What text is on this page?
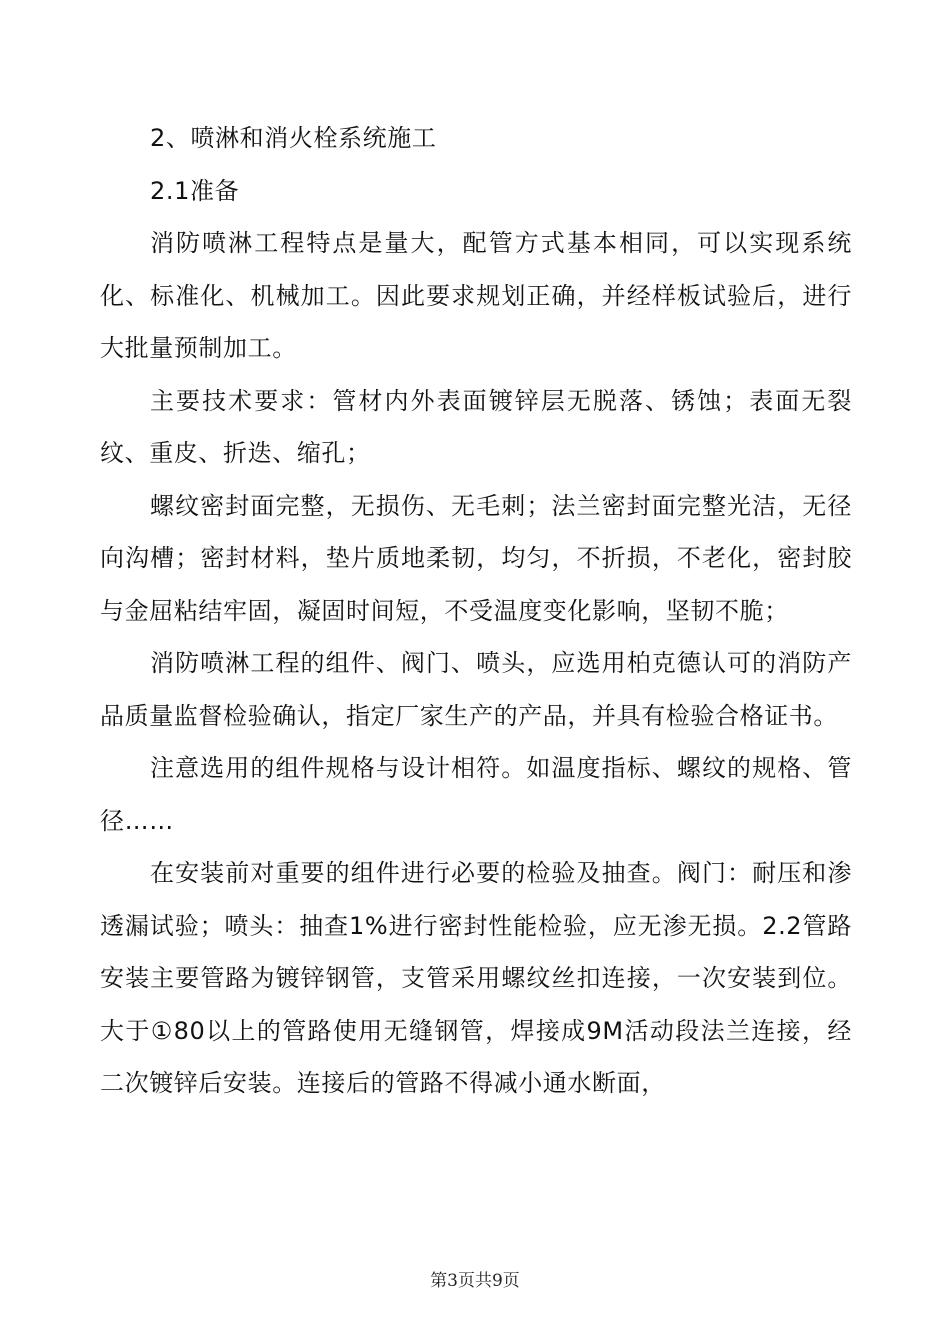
2、喷淋和消火栓系统施工

2.1准备

消防喷淋工程特点是量大，配管方式基本相同，可以实现系统化、标准化、机械加工。因此要求规划正确，并经样板试验后，进行大批量预制加工。

主要技术要求：管材内外表面镀锌层无脱落、锈蚀；表面无裂纹、重皮、折迭、缩孔；

螺纹密封面完整，无损伤、无毛刺；法兰密封面完整光洁，无径向沟槽；密封材料，垫片质地柔韧，均匀，不折损，不老化，密封胶与金屈粘结牢固，凝固时间短，不受温度变化影响，坚韧不脆；

消防喷淋工程的组件、阀门、喷头，应选用柏克德认可的消防产品质量监督检验确认，指定厂家生产的产品，并具有检验合格证书。

注意选用的组件规格与设计相符。如温度指标、螺纹的规格、管径……

在安装前对重要的组件进行必要的检验及抽查。阀门：耐压和渗透漏试验；喷头：抽查1%进行密封性能检验，应无渗无损。2.2管路安装主要管路为镀锌钢管，支管采用螺纹丝扣连接，一次安装到位。大于①80以上的管路使用无缝钢管，焊接成9M活动段法兰连接，经二次镀锌后安装。连接后的管路不得减小通水断面，

第3页共9页
